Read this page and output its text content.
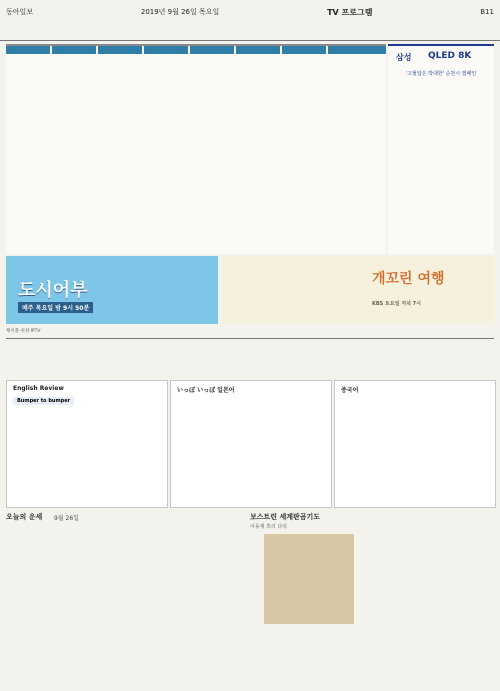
동아일보	2019년 9월 26일 목요일	TV 프로그램	B11
삼성 QLED 8K
'고혈압은 박대한' 순천시 캠페인
도시어부
매주 목요일 밤 9시 50분
개꼬린 여행
KBS 토요일 저녁 7시
케이블·위성·IPTV
English Review
Bumper to bumper
いっぽ いっぽ 일본어	중국어
오늘의 운세 9월 26일	보스트린 세계판곰기도
이동재 흑의 다리
